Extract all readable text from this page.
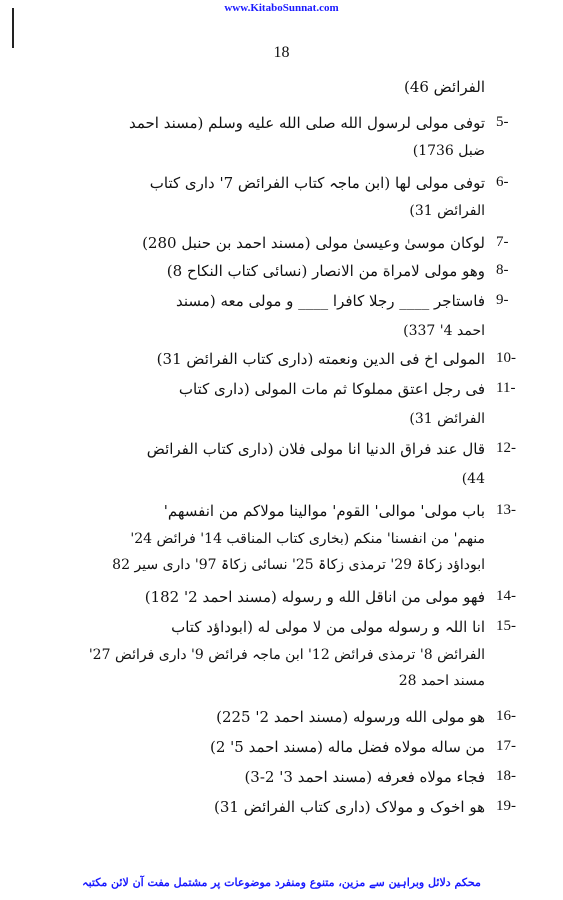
www.KitaboSunnat.com
18
الفرائض 46)
5-
توفی مولی لرسول الله صلی الله علیه وسلم (مسند احمد
ضبل 1736)
6-
توفی مولی لها (ابن ماجہ کتاب الفرائض 7' داری کتاب
الفرائض 31)
7-
لوکان موسیٰ وعیسیٰ مولی (مسند احمد بن حنبل 280)
8-
وهو مولی لامراة من الانصار (نسائی کتاب النکاح 8)
9-
فاستاجر ____ رجلا کافرا ____ و مولی معه (مسند
احمد 4' 337)
10-
المولی اخ فی الدین ونعمته (داری کتاب الفرائض 31)
11-
فی رجل اعتق مملوکا ثم مات المولی (داری کتاب
الفرائض 31)
12-
قال عند فراق الدنیا انا مولی فلان (داری کتاب الفرائض
44)
13-
باب مولی' موالی' القوم' موالینا مولاکم من انفسهم'
منهم' من انفسنا' منکم (بخاری کتاب المناقب 14' فرائض 24'
ابوداؤد زکاۃ 29' ترمذی زکاۃ 25' نسائی زکاۃ 97' داری سیر 82
14-
فهو مولی من اناقل الله و رسوله (مسند احمد 2' 182)
15-
انا اللہ و رسوله مولی من لا مولی له (ابوداؤد کتاب
الفرائض 8' ترمذی فرائض 12' ابن ماجہ فرائض 9' داری فرائض 27'
مسند احمد 28
16-
هو مولی الله ورسوله (مسند احمد 2' 225)
17-
من ساله مولاه فضل ماله (مسند احمد 5' 2)
18-
فجاء مولاه فعرفه (مسند احمد 3' 2-3)
19-
هو اخوک و مولاک (داری کتاب الفرائض 31)
محکم دلائل وبراہین سے مزین، متنوع ومنفرد موضوعات پر مشتمل مفت آن لائن مکتبہ
